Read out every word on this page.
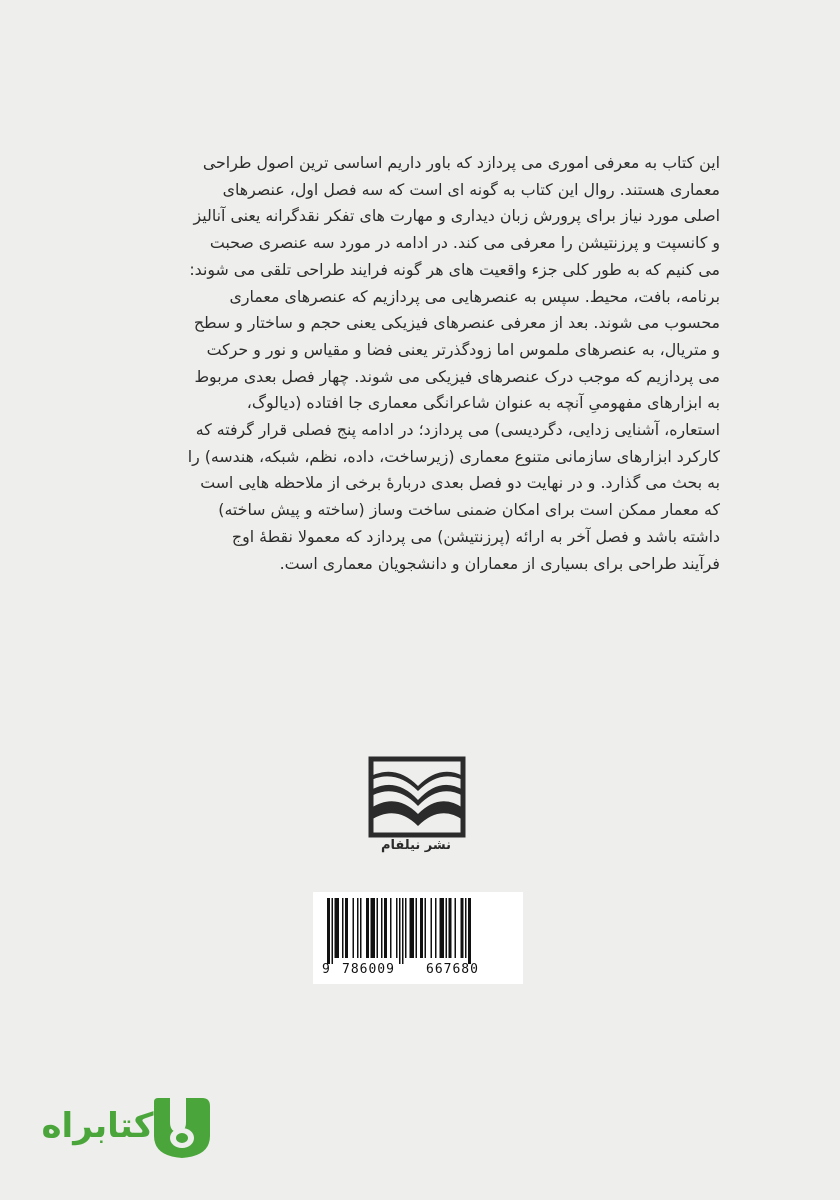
این کتاب به معرفی اموری می پردازد که باور داریم اساسی ترین اصول طراحی
معماری هستند. روال این کتاب به گونه ای است که سه فصل اول، عنصرهای
اصلی مورد نیاز برای پرورش زبان دیداری و مهارت های تفکر نقدگرانه یعنی آنالیز
و کانسپت و پرزنتیشن را معرفی می کند. در ادامه در مورد سه عنصری صحبت
می کنیم که به طور کلی جزء واقعیت های هر گونه فرایند طراحی تلقی می شوند:
برنامه، بافت، محیط. سپس به عنصرهایی می پردازیم که عنصرهای معماری
محسوب می شوند. بعد از معرفی عنصرهای فیزیکی یعنی حجم و ساختار و سطح
و متریال، به عنصرهای ملموس اما زودگذرتر یعنی فضا و مقیاس و نور و حرکت
می پردازیم که موجب درک عنصرهای فیزیکی می شوند. چهار فصل بعدی مربوط
به ابزارهای مفهومیِ آنچه به عنوان شاعرانگی معماری جا افتاده (دیالوگ،
استعاره، آشنایی زدایی، دگردیسی) می پردازد؛ در ادامه پنج فصلی قرار گرفته که
کارکرد ابزارهای سازمانی متنوع معماری (زیرساخت، داده، نظم، شبکه، هندسه) را
به بحث می گذارد. و در نهایت دو فصل بعدی دربارهٔ برخی از ملاحظه هایی است
که معمار ممکن است برای امکان ضمنی ساخت وساز (ساخته و پیش ساخته)
داشته باشد و فصل آخر به ارائه (پرزنتیشن) می پردازد که معمولا نقطهٔ اوج
فرآیند طراحی برای بسیاری از معماران و دانشجویان معماری است.
نشر نیلفام
9 786009 667680
کتابراه
